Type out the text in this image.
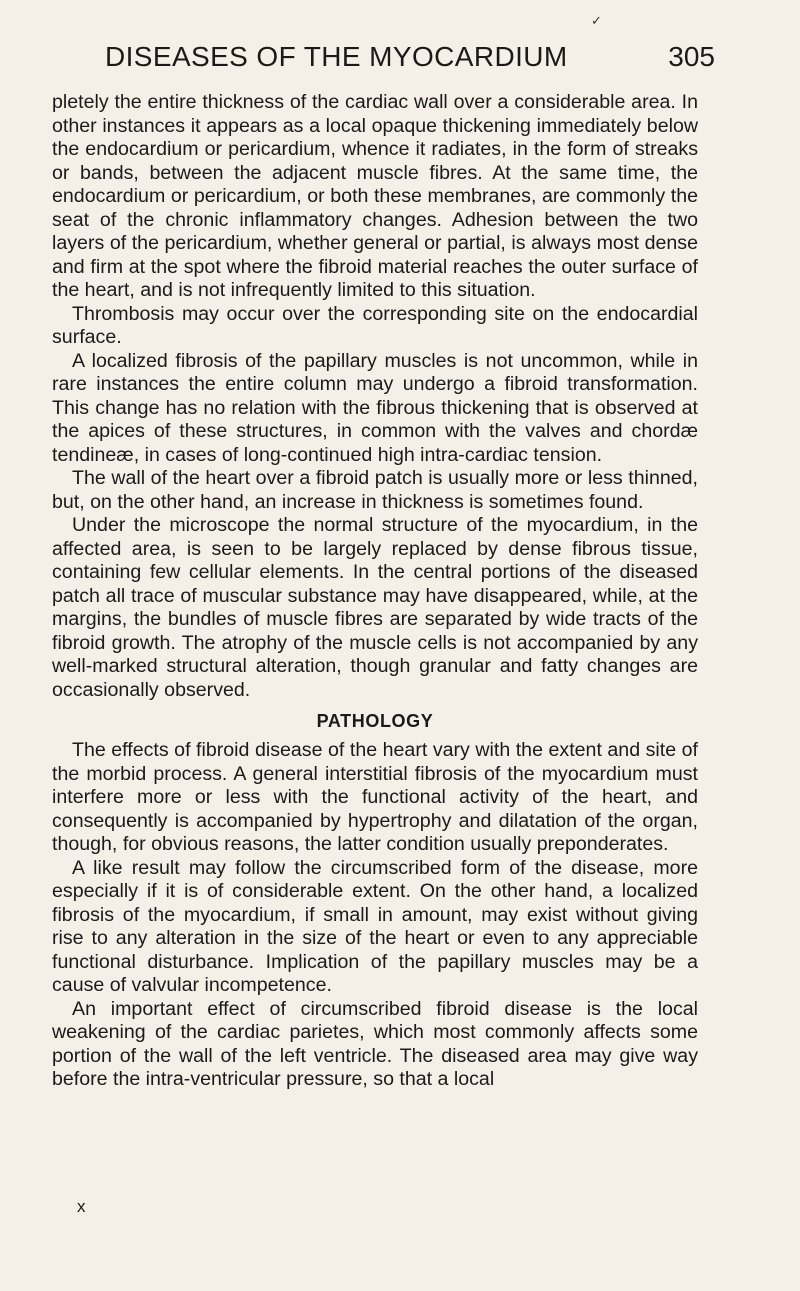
✓
DISEASES OF THE MYOCARDIUM	305

pletely the entire thickness of the cardiac wall over a considerable area. In other instances it appears as a local opaque thickening immediately below the endocardium or pericardium, whence it radiates, in the form of streaks or bands, between the adjacent muscle fibres. At the same time, the endocardium or pericardium, or both these membranes, are commonly the seat of the chronic inflammatory changes. Adhesion between the two layers of the pericardium, whether general or partial, is always most dense and firm at the spot where the fibroid material reaches the outer surface of the heart, and is not infrequently limited to this situation.

Thrombosis may occur over the corresponding site on the endocardial surface.

A localized fibrosis of the papillary muscles is not uncommon, while in rare instances the entire column may undergo a fibroid transformation. This change has no relation with the fibrous thickening that is observed at the apices of these structures, in common with the valves and chordæ tendineæ, in cases of long-continued high intra-cardiac tension.

The wall of the heart over a fibroid patch is usually more or less thinned, but, on the other hand, an increase in thickness is sometimes found.

Under the microscope the normal structure of the myocardium, in the affected area, is seen to be largely replaced by dense fibrous tissue, containing few cellular elements. In the central portions of the diseased patch all trace of muscular substance may have disappeared, while, at the margins, the bundles of muscle fibres are separated by wide tracts of the fibroid growth. The atrophy of the muscle cells is not accompanied by any well-marked structural alteration, though granular and fatty changes are occasionally observed.

PATHOLOGY

The effects of fibroid disease of the heart vary with the extent and site of the morbid process. A general interstitial fibrosis of the myocardium must interfere more or less with the functional activity of the heart, and consequently is accompanied by hypertrophy and dilatation of the organ, though, for obvious reasons, the latter condition usually preponderates.

A like result may follow the circumscribed form of the disease, more especially if it is of considerable extent. On the other hand, a localized fibrosis of the myocardium, if small in amount, may exist without giving rise to any alteration in the size of the heart or even to any appreciable functional disturbance. Implication of the papillary muscles may be a cause of valvular incompetence.

An important effect of circumscribed fibroid disease is the local weakening of the cardiac parietes, which most commonly affects some portion of the wall of the left ventricle. The diseased area may give way before the intra-ventricular pressure, so that a local

x
